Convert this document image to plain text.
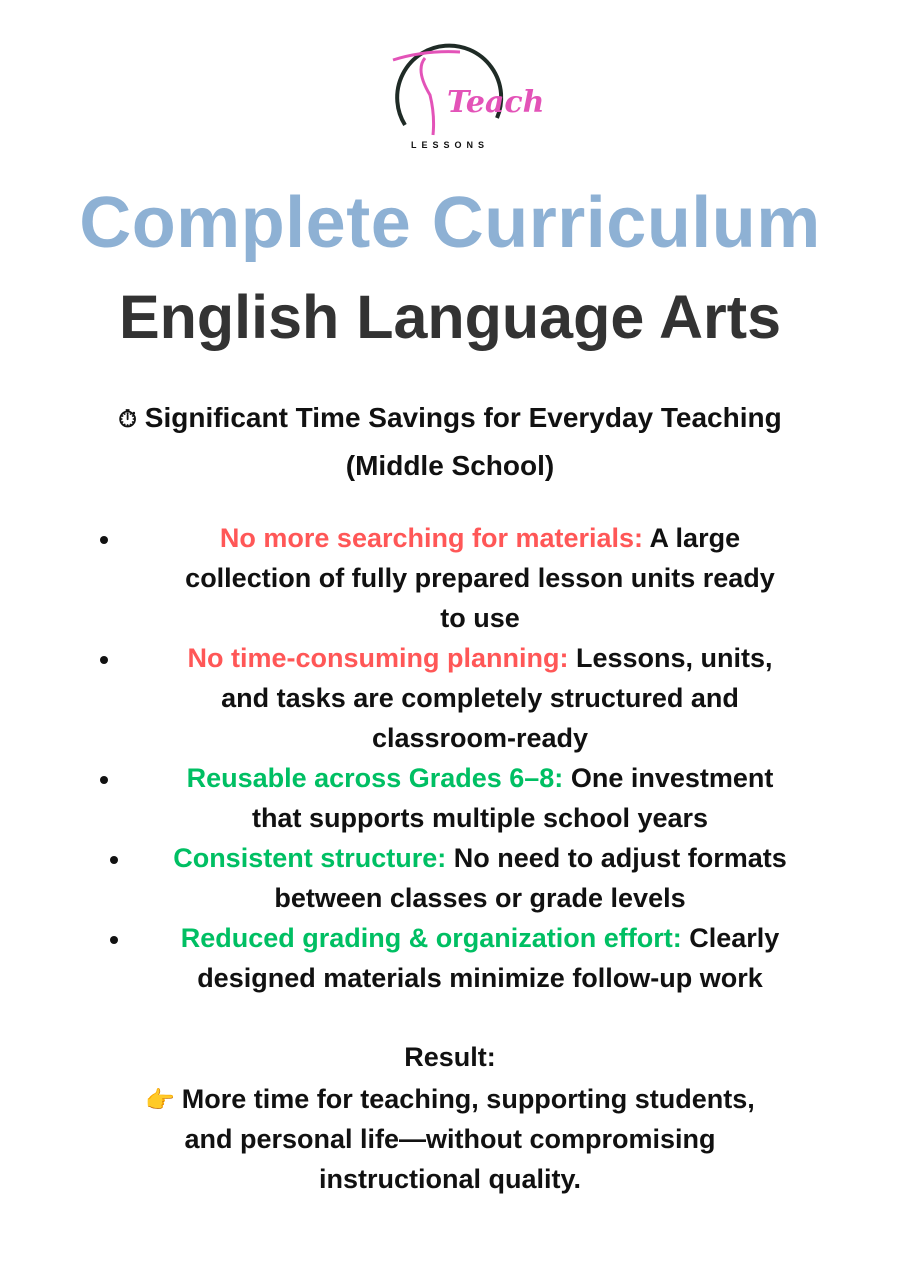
Teach
LESSONS
Complete Curriculum
English Language Arts
⏱ Significant Time Savings for Everyday Teaching
(Middle School)
No more searching for materials: A large
collection of fully prepared lesson units ready
to use
No time-consuming planning: Lessons, units,
and tasks are completely structured and
classroom-ready
Reusable across Grades 6–8: One investment
that supports multiple school years
Consistent structure: No need to adjust formats
between classes or grade levels
Reduced grading & organization effort: Clearly
designed materials minimize follow-up work
Result:
👉 More time for teaching, supporting students,
and personal life—without compromising
instructional quality.
